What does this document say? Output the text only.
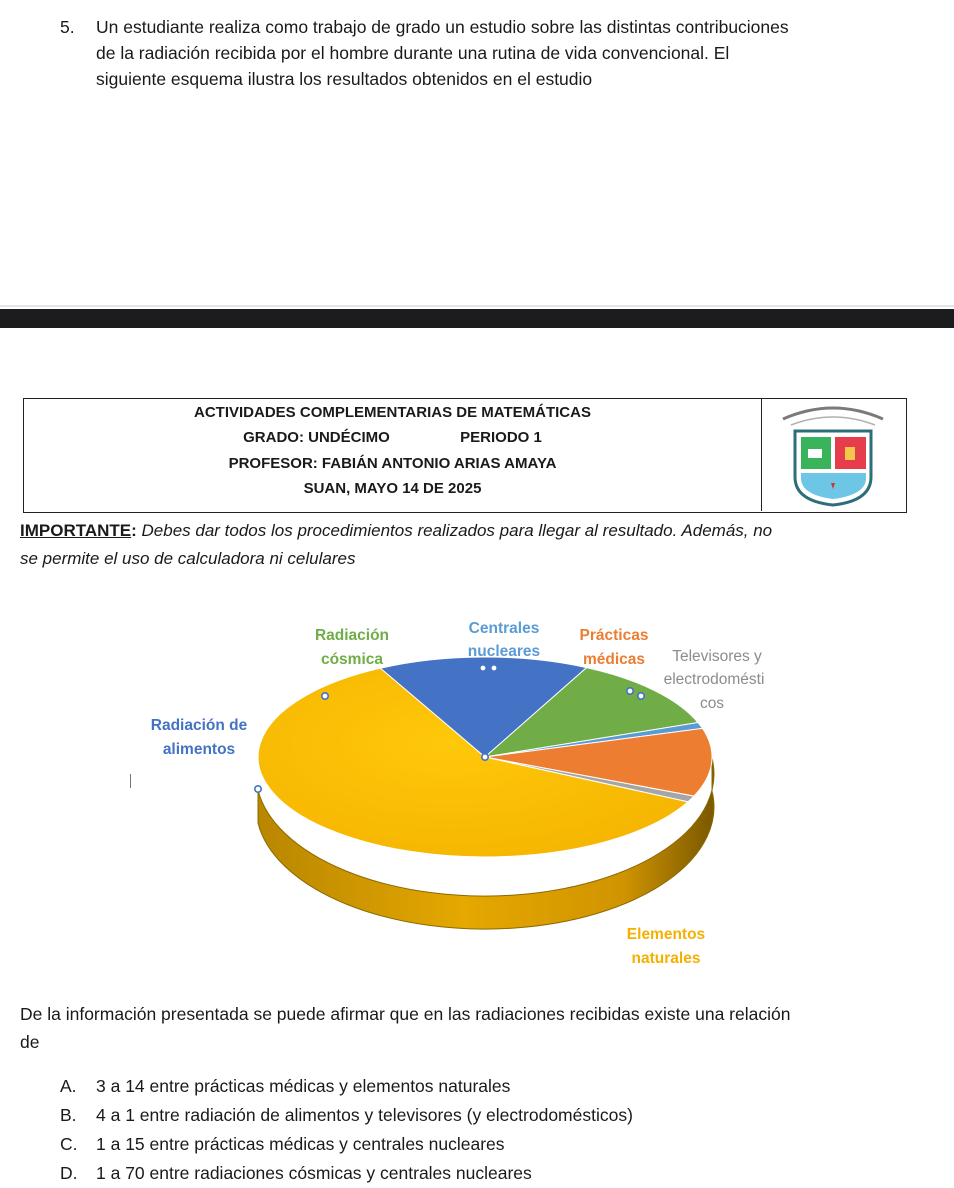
5. Un estudiante realiza como trabajo de grado un estudio sobre las distintas contribuciones
de la radiación recibida por el hombre durante una rutina de vida convencional. El
siguiente esquema ilustra los resultados obtenidos en el estudio
ACTIVIDADES COMPLEMENTARIAS DE MATEMÁTICAS
GRADO: UNDÉCIMO	PERIODO 1
PROFESOR: FABIÁN ANTONIO ARIAS AMAYA
SUAN, MAYO 14 DE 2025
IMPORTANTE: Debes dar todos los procedimientos realizados para llegar al resultado. Además, no
se permite el uso de calculadora ni celulares
Radiación
cósmica
Centrales
nucleares
Prácticas
médicas
Radiación de
alimentos
Elementos
naturales
Televisores y
electrodomésti
cos
De la información presentada se puede afirmar que en las radiaciones recibidas existe una relación
de
A. 3 a 14 entre prácticas médicas y elementos naturales
B. 4 a 1 entre radiación de alimentos y televisores (y electrodomésticos)
C. 1 a 15 entre prácticas médicas y centrales nucleares
D. 1 a 70 entre radiaciones cósmicas y centrales nucleares
